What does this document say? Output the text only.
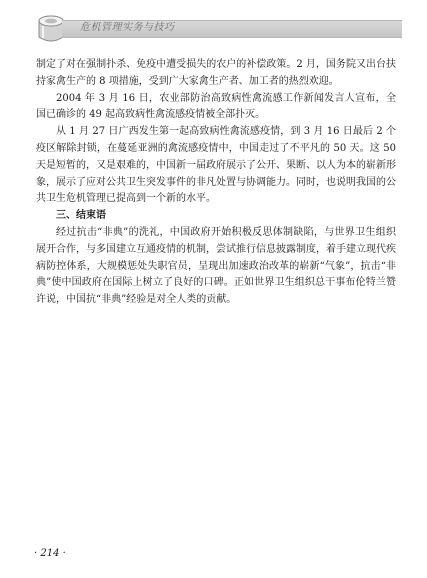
危机管理实务与技巧

制定了对在强制扑杀、免疫中遭受损失的农户的补偿政策。2 月，国务院又出台扶持家禽生产的 8 项措施，受到广大家禽生产者、加工者的热烈欢迎。

2004 年 3 月 16 日，农业部防治高致病性禽流感工作新闻发言人宣布，全国已确诊的 49 起高致病性禽流感疫情被全部扑灭。

从 1 月 27 日广西发生第一起高致病性禽流感疫情，到 3 月 16 日最后 2 个疫区解除封锁，在蔓延亚洲的禽流感疫情中，中国走过了不平凡的 50 天。这 50 天是短暂的，又是艰难的，中国新一届政府展示了公开、果断、以人为本的崭新形象，展示了应对公共卫生突发事件的非凡处置与协调能力。同时，也说明我国的公共卫生危机管理已提高到一个新的水平。

三、结束语

经过抗击“非典”的洗礼，中国政府开始积极反思体制缺陷，与世界卫生组织展开合作，与多国建立互通疫情的机制，尝试推行信息披露制度，着手建立现代疾病防控体系，大规模惩处失职官员，呈现出加速政治改革的崭新“气象”，抗击“非典”使中国政府在国际上树立了良好的口碑。正如世界卫生组织总干事布伦特兰赞许说，中国抗“非典”经验是对全人类的贡献。

· 214 ·
